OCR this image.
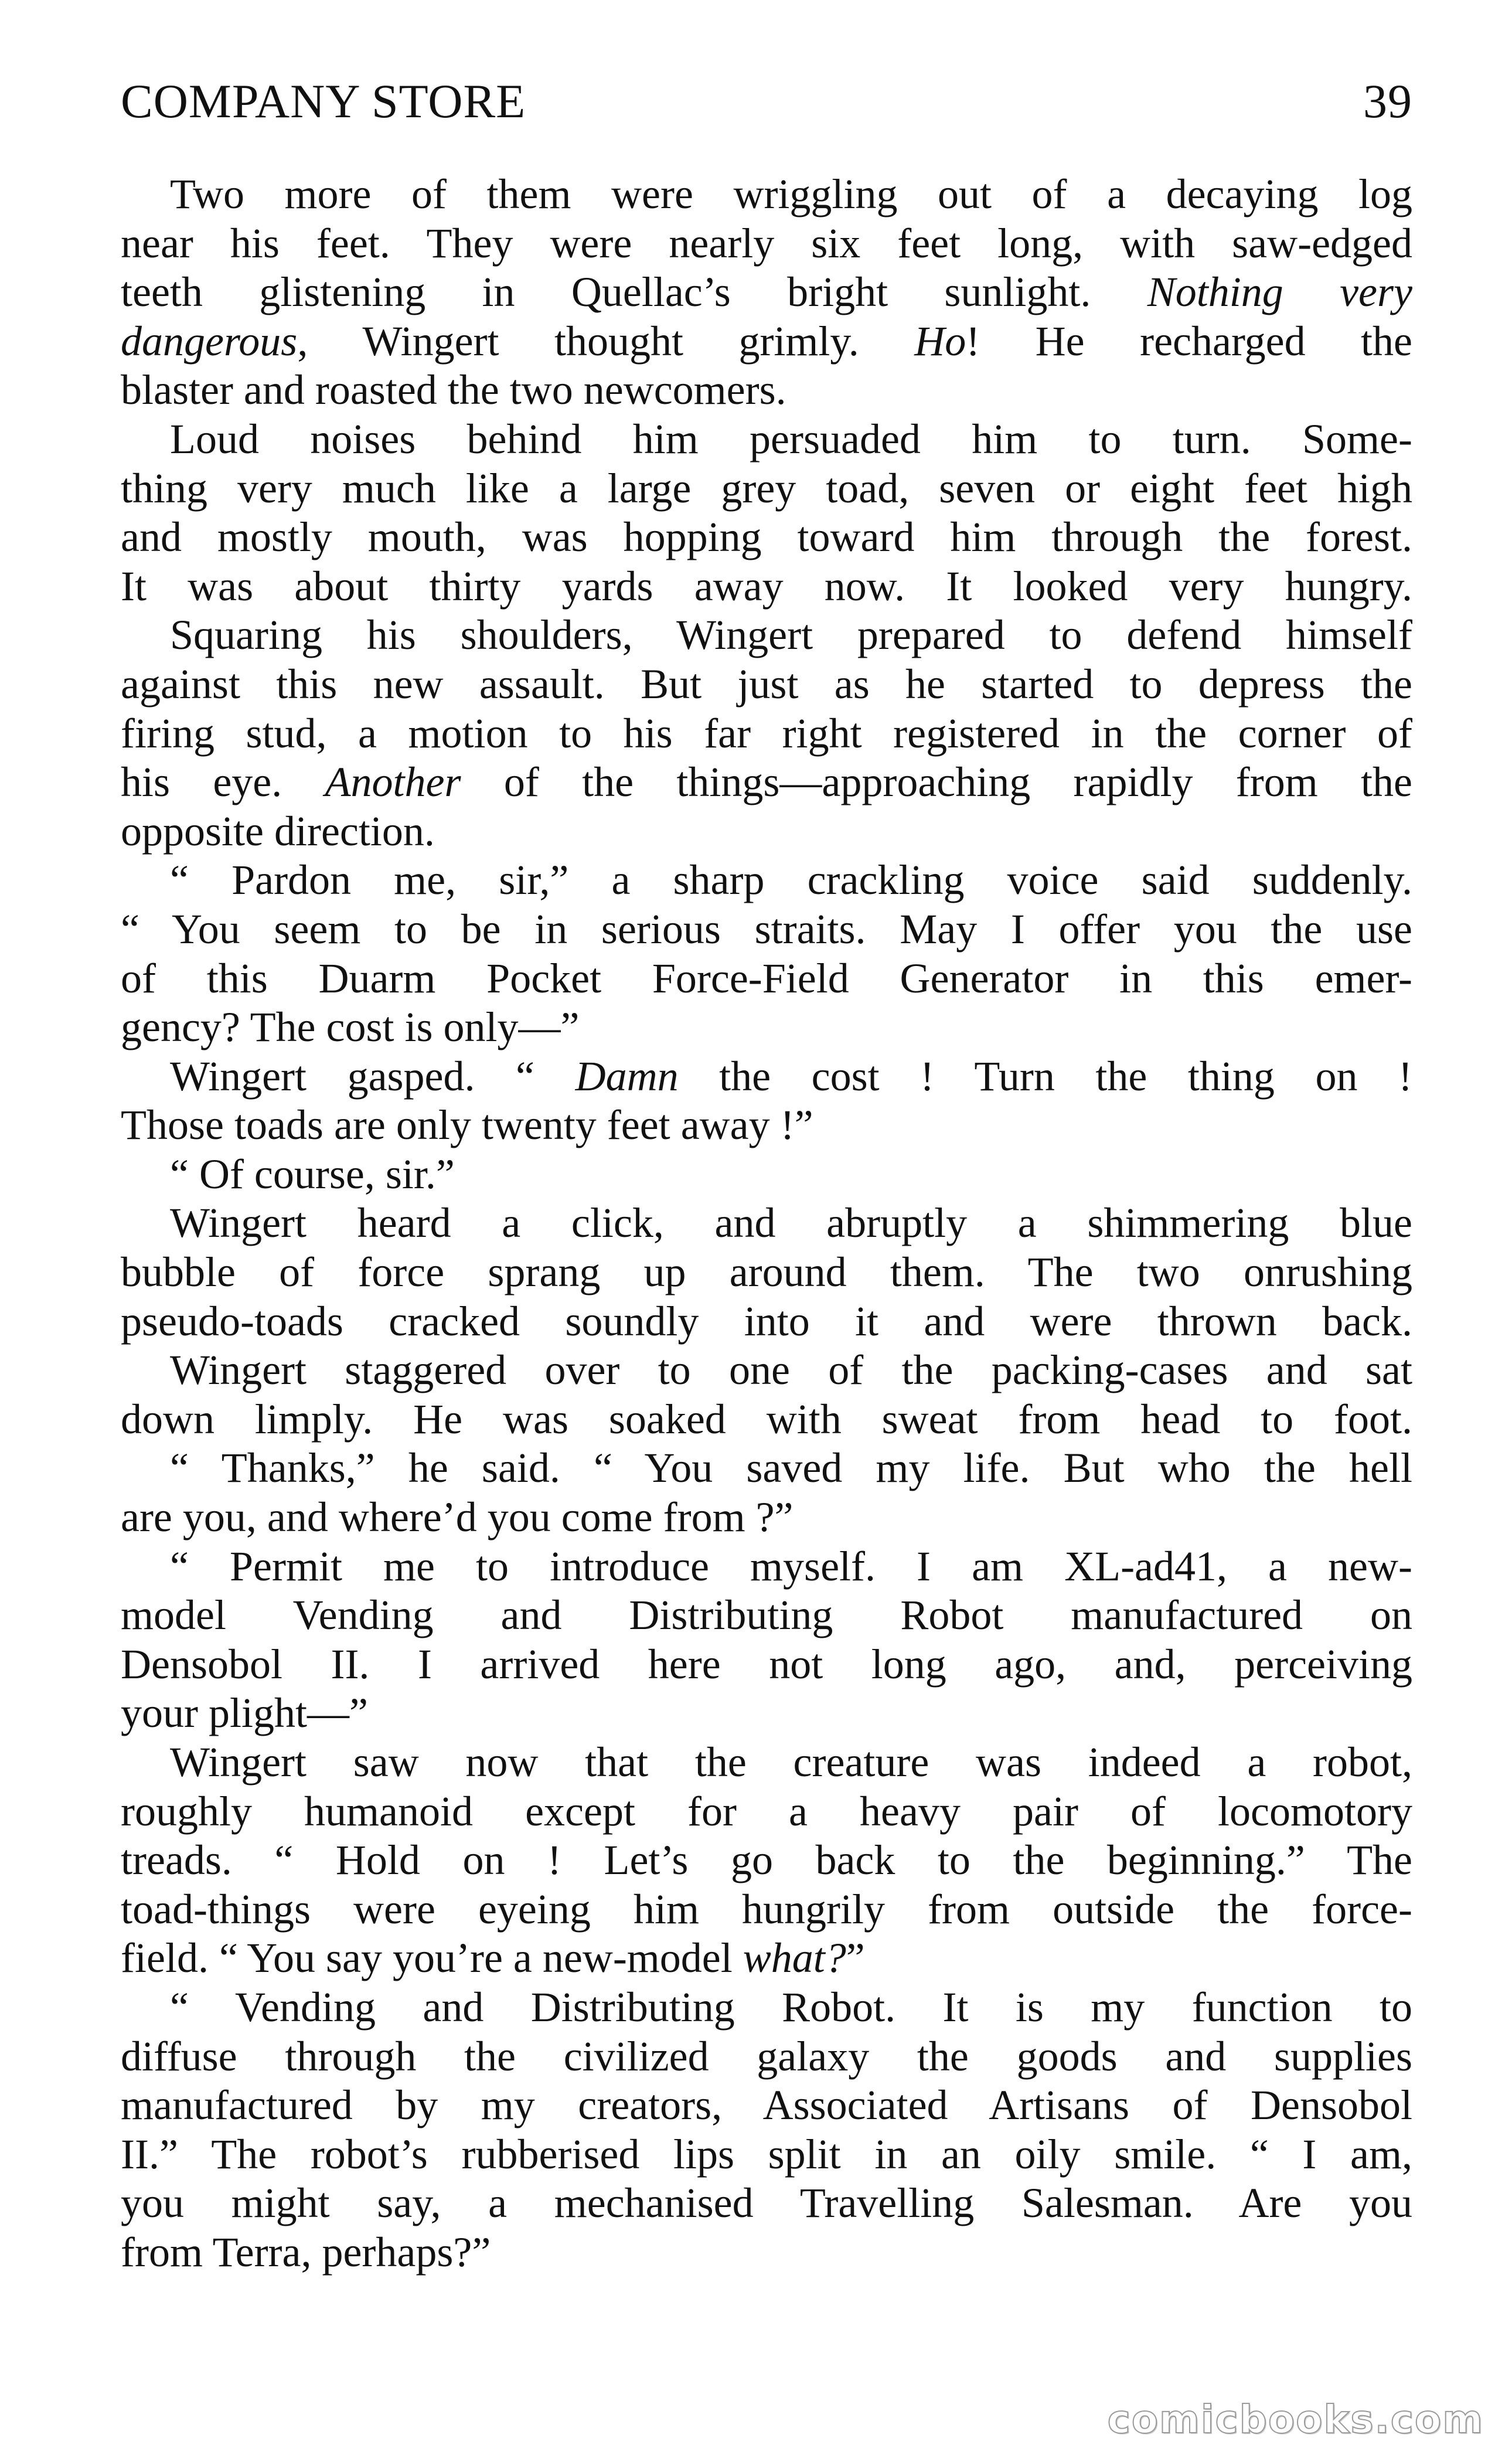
COMPANY STORE	39
Two more of them were wriggling out of a decaying log
near his feet. They were nearly six feet long, with saw-edged
teeth glistening in Quellac’s bright sunlight. Nothing very
dangerous, Wingert thought grimly. Ho! He recharged the
blaster and roasted the two newcomers.
Loud noises behind him persuaded him to turn. Some-
thing very much like a large grey toad, seven or eight feet high
and mostly mouth, was hopping toward him through the forest.
It was about thirty yards away now. It looked very hungry.
Squaring his shoulders, Wingert prepared to defend himself
against this new assault. But just as he started to depress the
firing stud, a motion to his far right registered in the corner of
his eye. Another of the things—approaching rapidly from the
opposite direction.
“ Pardon me, sir,” a sharp crackling voice said suddenly.
“ You seem to be in serious straits. May I offer you the use
of this Duarm Pocket Force-Field Generator in this emer-
gency? The cost is only—”
Wingert gasped. “ Damn the cost ! Turn the thing on !
Those toads are only twenty feet away !”
“ Of course, sir.”
Wingert heard a click, and abruptly a shimmering blue
bubble of force sprang up around them. The two onrushing
pseudo-toads cracked soundly into it and were thrown back.
Wingert staggered over to one of the packing-cases and sat
down limply. He was soaked with sweat from head to foot.
“ Thanks,” he said. “ You saved my life. But who the hell
are you, and where’d you come from ?”
“ Permit me to introduce myself. I am XL-ad41, a new-
model Vending and Distributing Robot manufactured on
Densobol II. I arrived here not long ago, and, perceiving
your plight—”
Wingert saw now that the creature was indeed a robot,
roughly humanoid except for a heavy pair of locomotory
treads. “ Hold on ! Let’s go back to the beginning.” The
toad-things were eyeing him hungrily from outside the force-
field. “ You say you’re a new-model what?”
“ Vending and Distributing Robot. It is my function to
diffuse through the civilized galaxy the goods and supplies
manufactured by my creators, Associated Artisans of Densobol
II.” The robot’s rubberised lips split in an oily smile. “ I am,
you might say, a mechanised Travelling Salesman. Are you
from Terra, perhaps?”
comicbooks.com
